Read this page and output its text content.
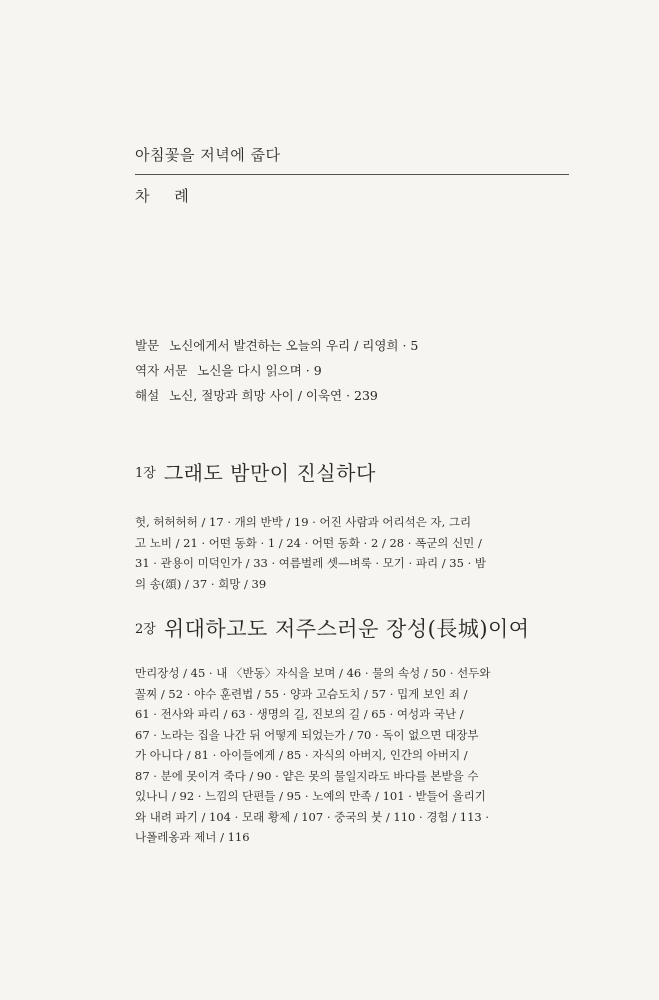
아침꽃을 저녁에 줍다
차 례
발문 노신에게서 발견하는 오늘의 우리 / 리영희 · 5
역자 서문 노신을 다시 읽으며 · 9
해설 노신, 절망과 희망 사이 / 이욱연 · 239
1장 그래도 밤만이 진실하다
헛, 허허허허 / 17 · 개의 반박 / 19 · 어진 사람과 어리석은 자, 그리
고 노비 / 21 · 어떤 동화 · 1 / 24 · 어떤 동화 · 2 / 28 · 폭군의 신민 /
31 · 관용이 미덕인가 / 33 · 여름벌레 셋—벼룩 · 모기 · 파리 / 35 · 밤
의 송(頌) / 37 · 희망 / 39
2장 위대하고도 저주스러운 장성(長城)이여
만리장성 / 45 · 내 〈반동〉자식을 보며 / 46 · 물의 속성 / 50 · 선두와
꼴찌 / 52 · 야수 훈련법 / 55 · 양과 고슴도치 / 57 · 밉게 보인 죄 /
61 · 전사와 파리 / 63 · 생명의 길, 진보의 길 / 65 · 여성과 국난 /
67 · 노라는 집을 나간 뒤 어떻게 되었는가 / 70 · 독이 없으면 대장부
가 아니다 / 81 · 아이들에게 / 85 · 자식의 아버지, 인간의 아버지 /
87 · 분에 못이겨 죽다 / 90 · 얕은 못의 물일지라도 바다를 본받을 수
있나니 / 92 · 느낌의 단편들 / 95 · 노예의 만족 / 101 · 받들어 올리기
와 내려 파기 / 104 · 모래 황제 / 107 · 중국의 붓 / 110 · 경험 / 113 ·
나폴레옹과 제너 / 116
